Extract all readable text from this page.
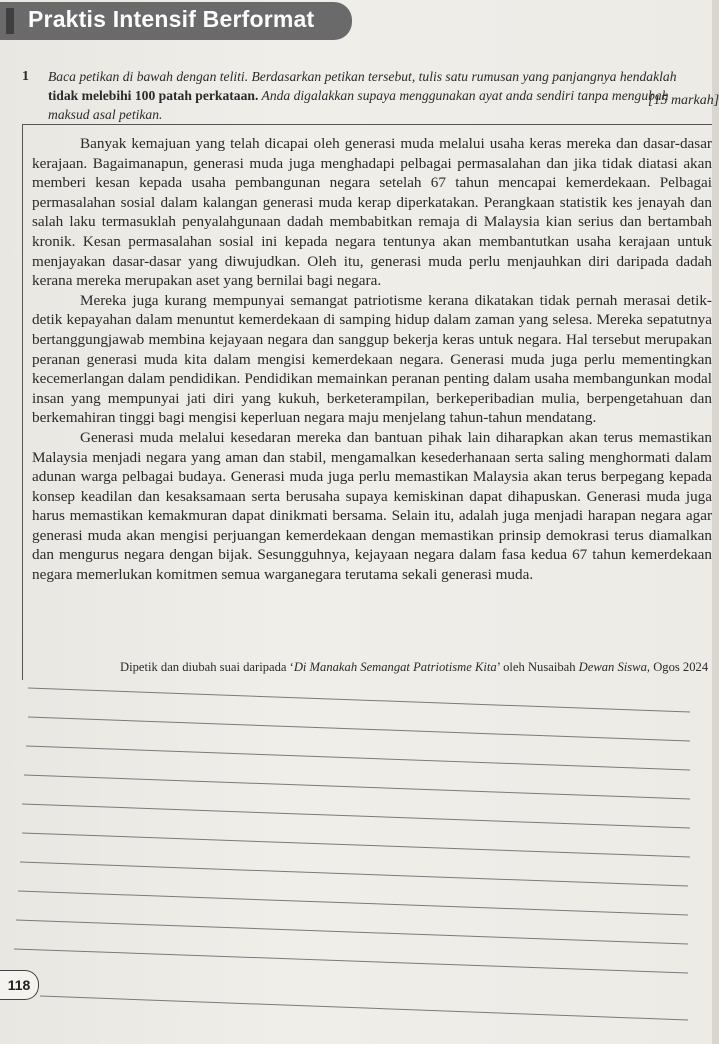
Praktis Intensif Berformat
1 Baca petikan di bawah dengan teliti. Berdasarkan petikan tersebut, tulis satu rumusan yang panjangnya hendaklah
tidak melebihi 100 patah perkataan. Anda digalakkan supaya menggunakan ayat anda sendiri tanpa mengubah
maksud asal petikan.
[15 markah]

Banyak kemajuan yang telah dicapai oleh generasi muda melalui usaha keras mereka dan dasar-dasar kerajaan. Bagaimanapun, generasi muda juga menghadapi pelbagai permasalahan dan jika tidak diatasi akan memberi kesan kepada usaha pembangunan negara setelah 67 tahun mencapai kemerdekaan. Pelbagai permasalahan sosial dalam kalangan generasi muda kerap diperkatakan. Perangkaan statistik kes jenayah dan salah laku termasuklah penyalahgunaan dadah membabitkan remaja di Malaysia kian serius dan bertambah kronik. Kesan permasalahan sosial ini kepada negara tentunya akan membantutkan usaha kerajaan untuk menjayakan dasar-dasar yang diwujudkan. Oleh itu, generasi muda perlu menjauhkan diri daripada dadah kerana mereka merupakan aset yang bernilai bagi negara.

Mereka juga kurang mempunyai semangat patriotisme kerana dikatakan tidak pernah merasai detik-detik kepayahan dalam menuntut kemerdekaan di samping hidup dalam zaman yang selesa. Mereka sepatutnya bertanggungjawab membina kejayaan negara dan sanggup bekerja keras untuk negara. Hal tersebut merupakan peranan generasi muda kita dalam mengisi kemerdekaan negara. Generasi muda juga perlu mementingkan kecemerlangan dalam pendidikan. Pendidikan memainkan peranan penting dalam usaha membangunkan modal insan yang mempunyai jati diri yang kukuh, berketerampilan, berkeperibadian mulia, berpengetahuan dan berkemahiran tinggi bagi mengisi keperluan negara maju menjelang tahun-tahun mendatang.

Generasi muda melalui kesedaran mereka dan bantuan pihak lain diharapkan akan terus memastikan Malaysia menjadi negara yang aman dan stabil, mengamalkan kesederhanaan serta saling menghormati dalam adunan warga pelbagai budaya. Generasi muda juga perlu memastikan Malaysia akan terus berpegang kepada konsep keadilan dan kesaksamaan serta berusaha supaya kemiskinan dapat dihapuskan. Generasi muda juga harus memastikan kemakmuran dapat dinikmati bersama. Selain itu, adalah juga menjadi harapan negara agar generasi muda akan mengisi perjuangan kemerdekaan dengan memastikan prinsip demokrasi terus diamalkan dan mengurus negara dengan bijak. Sesungguhnya, kejayaan negara dalam fasa kedua 67 tahun kemerdekaan negara memerlukan komitmen semua warganegara terutama sekali generasi muda.

Dipetik dan diubah suai daripada ‘Di Manakah Semangat Patriotisme Kita’ oleh Nusaibah Dewan Siswa, Ogos 2024
118
